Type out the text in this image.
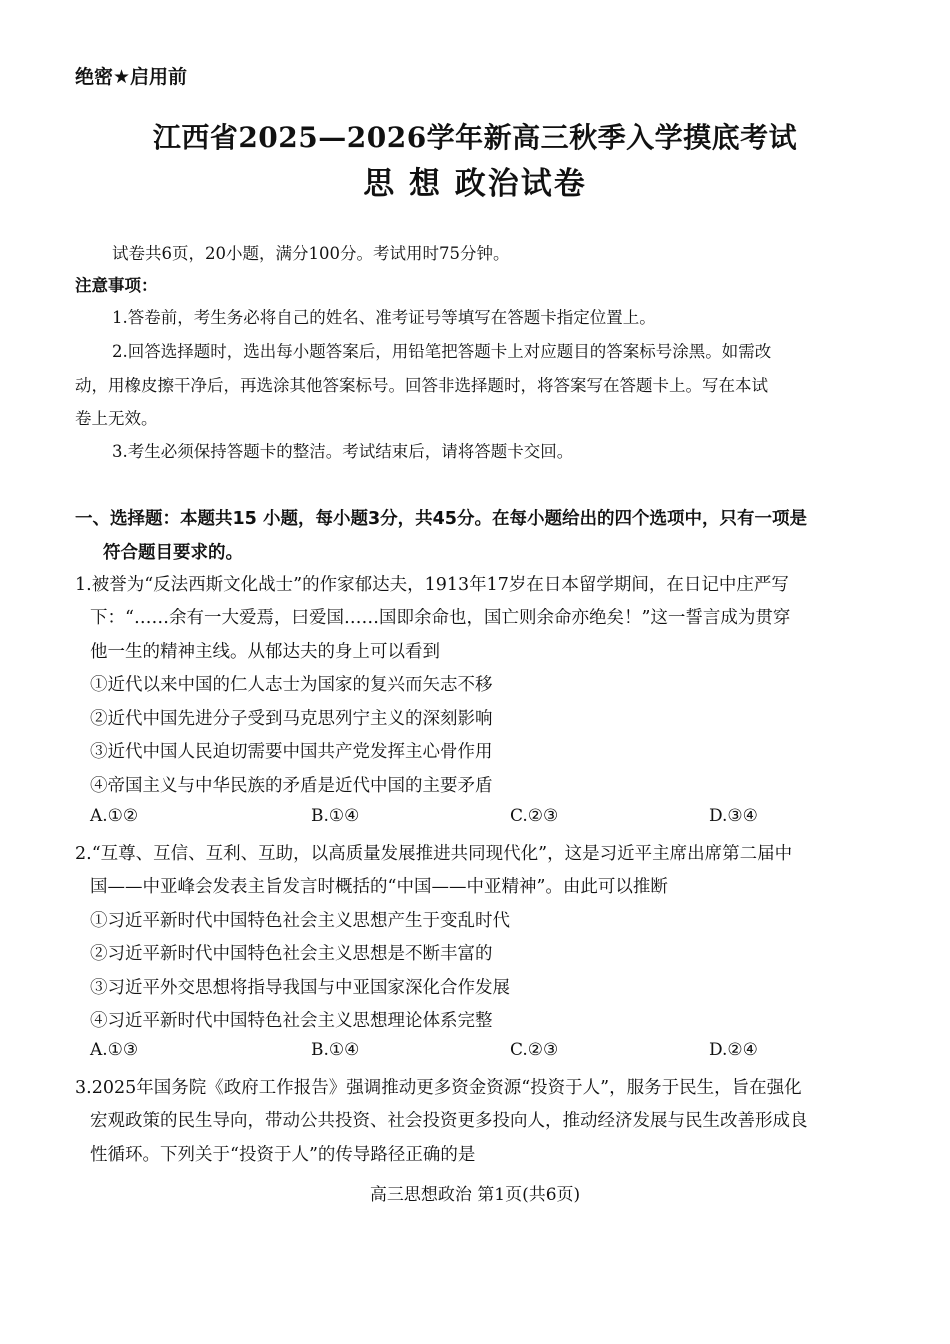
绝密★启用前
江西省2025—2026学年新高三秋季入学摸底考试
思 想 政治试卷
试卷共6页，20小题，满分100分。考试用时75分钟。
注意事项：
1.答卷前，考生务必将自己的姓名、准考证号等填写在答题卡指定位置上。
2.回答选择题时，选出每小题答案后，用铅笔把答题卡上对应题目的答案标号涂黑。如需改
动，用橡皮擦干净后，再选涂其他答案标号。回答非选择题时，将答案写在答题卡上。写在本试
卷上无效。
3.考生必须保持答题卡的整洁。考试结束后，请将答题卡交回。
一、选择题：本题共15 小题，每小题3分，共45分。在每小题给出的四个选项中，只有一项是
符合题目要求的。
1.被誉为“反法西斯文化战士”的作家郁达夫，1913年17岁在日本留学期间，在日记中庄严写
下：“……余有一大爱焉，曰爱国……国即余命也，国亡则余命亦绝矣！”这一誓言成为贯穿
他一生的精神主线。从郁达夫的身上可以看到
①近代以来中国的仁人志士为国家的复兴而矢志不移
②近代中国先进分子受到马克思列宁主义的深刻影响
③近代中国人民迫切需要中国共产党发挥主心骨作用
④帝国主义与中华民族的矛盾是近代中国的主要矛盾
A.①②	B.①④	C.②③	D.③④
2.“互尊、互信、互利、互助，以高质量发展推进共同现代化”，这是习近平主席出席第二届中
国——中亚峰会发表主旨发言时概括的“中国——中亚精神”。由此可以推断
①习近平新时代中国特色社会主义思想产生于变乱时代
②习近平新时代中国特色社会主义思想是不断丰富的
③习近平外交思想将指导我国与中亚国家深化合作发展
④习近平新时代中国特色社会主义思想理论体系完整
A.①③	B.①④	C.②③	D.②④
3.2025年国务院《政府工作报告》强调推动更多资金资源“投资于人”，服务于民生，旨在强化
宏观政策的民生导向，带动公共投资、社会投资更多投向人，推动经济发展与民生改善形成良
性循环。下列关于“投资于人”的传导路径正确的是
高三思想政治 第1页(共6页)
